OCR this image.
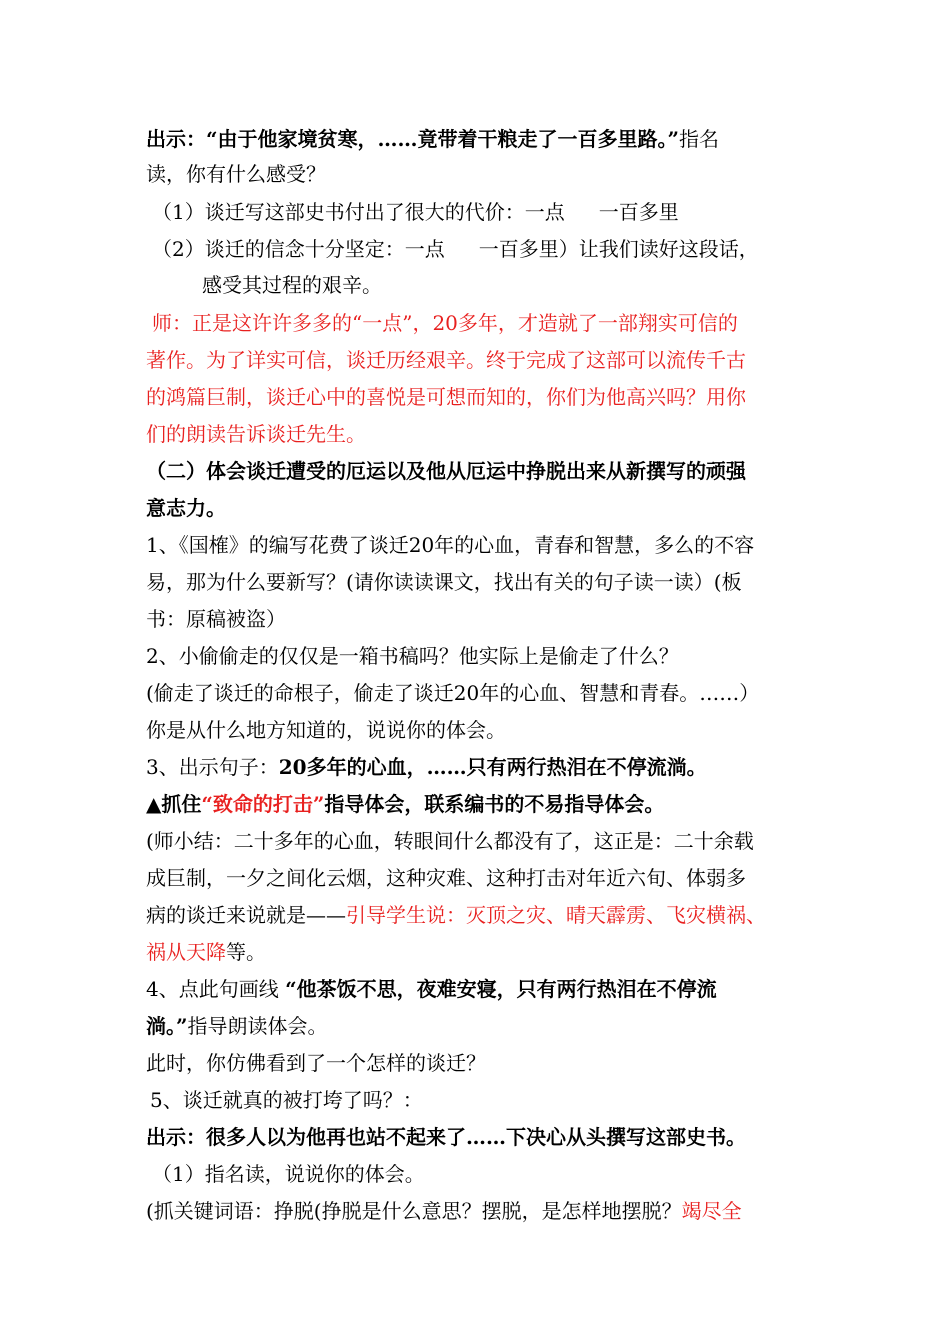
出示：“由于他家境贫寒，……竟带着干粮走了一百多里路。”指名
读，你有什么感受？
（1）谈迁写这部史书付出了很大的代价：一点 一百多里
（2）谈迁的信念十分坚定：一点 一百多里）让我们读好这段话，
感受其过程的艰辛。
师：正是这许许多多的“一点”，20多年，才造就了一部翔实可信的
著作。为了详实可信，谈迁历经艰辛。终于完成了这部可以流传千古
的鸿篇巨制，谈迁心中的喜悦是可想而知的，你们为他高兴吗？用你
们的朗读告诉谈迁先生。
（二）体会谈迁遭受的厄运以及他从厄运中挣脱出来从新撰写的顽强
意志力。
1、《国榷》的编写花费了谈迁20年的心血，青春和智慧，多么的不容
易，那为什么要新写？(请你读读课文，找出有关的句子读一读）(板
书：原稿被盗）
2、小偷偷走的仅仅是一箱书稿吗？他实际上是偷走了什么？
(偷走了谈迁的命根子，偷走了谈迁20年的心血、智慧和青春。……）
你是从什么地方知道的，说说你的体会。
3、出示句子：20多年的心血，……只有两行热泪在不停流淌。
▲抓住“致命的打击”指导体会，联系编书的不易指导体会。
(师小结：二十多年的心血，转眼间什么都没有了，这正是：二十余载
成巨制，一夕之间化云烟，这种灾难、这种打击对年近六旬、体弱多
病的谈迁来说就是——引导学生说：灭顶之灾、晴天霹雳、飞灾横祸、
祸从天降等。
4、点此句画线 “他茶饭不思，夜难安寝，只有两行热泪在不停流
淌。”指导朗读体会。
此时，你仿佛看到了一个怎样的谈迁？
5、谈迁就真的被打垮了吗？：
出示：很多人以为他再也站不起来了……下决心从头撰写这部史书。
（1）指名读，说说你的体会。
(抓关键词语：挣脱(挣脱是什么意思？摆脱，是怎样地摆脱？竭尽全
